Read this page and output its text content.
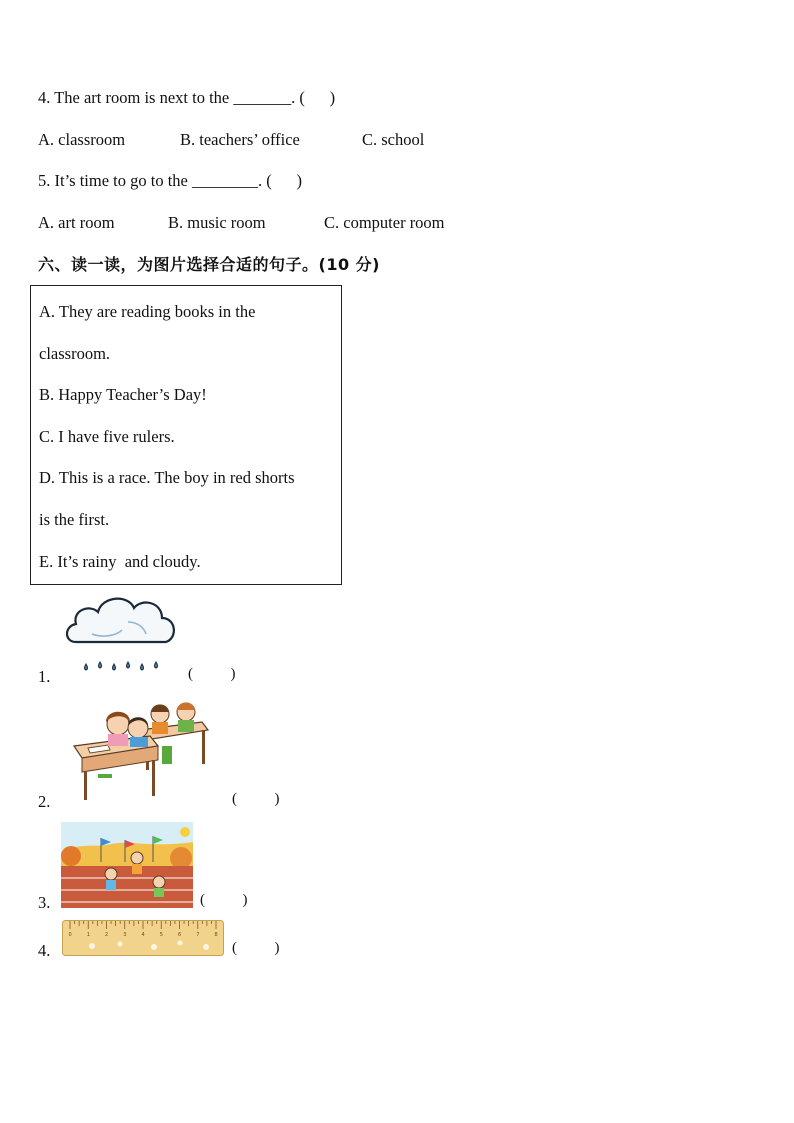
4. The art room is next to the _______. (      )
A. classroom	B. teachers’ office	C. school
5. It’s time to go to the ________. (      )
A. art room	B. music room	C. computer room
六、读一读，为图片选择合适的句子。(10 分)
A. They are reading books in the
classroom.
B. Happy Teacher’s Day!
C. I have five rulers.
D. This is a race. The boy in red shorts
is the first.
E. It’s rainy  and cloudy.
1.	(          )
2.	(          )
3.	(          )
0	1	2	3	4	5	6	7	8
4.	(          )
